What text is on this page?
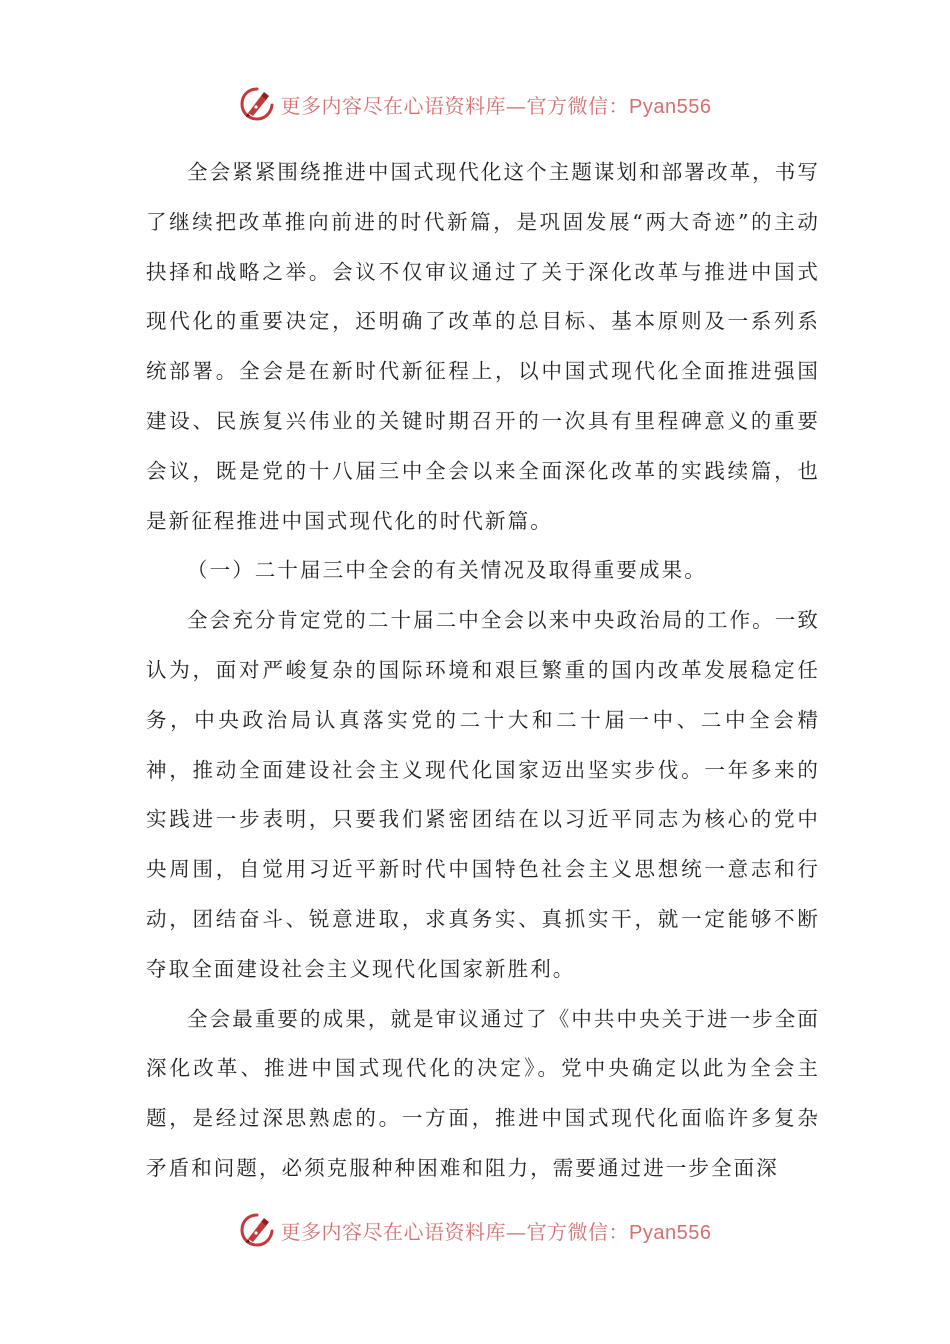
更多内容尽在心语资料库—官方微信：Pyan556

全会紧紧围绕推进中国式现代化这个主题谋划和部署改革，书写了继续把改革推向前进的时代新篇，是巩固发展“两大奇迹”的主动抉择和战略之举。会议不仅审议通过了关于深化改革与推进中国式现代化的重要决定，还明确了改革的总目标、基本原则及一系列系统部署。全会是在新时代新征程上，以中国式现代化全面推进强国建设、民族复兴伟业的关键时期召开的一次具有里程碑意义的重要会议，既是党的十八届三中全会以来全面深化改革的实践续篇，也是新征程推进中国式现代化的时代新篇。

（一）二十届三中全会的有关情况及取得重要成果。

全会充分肯定党的二十届二中全会以来中央政治局的工作。一致认为，面对严峻复杂的国际环境和艰巨繁重的国内改革发展稳定任务，中央政治局认真落实党的二十大和二十届一中、二中全会精神，推动全面建设社会主义现代化国家迈出坚实步伐。一年多来的实践进一步表明，只要我们紧密团结在以习近平同志为核心的党中央周围，自觉用习近平新时代中国特色社会主义思想统一意志和行动，团结奋斗、锐意进取，求真务实、真抓实干，就一定能够不断夺取全面建设社会主义现代化国家新胜利。

全会最重要的成果，就是审议通过了《中共中央关于进一步全面深化改革、推进中国式现代化的决定》。党中央确定以此为全会主题，是经过深思熟虑的。一方面，推进中国式现代化面临许多复杂矛盾和问题，必须克服种种困难和阻力，需要通过进一步全面深

更多内容尽在心语资料库—官方微信：Pyan556
